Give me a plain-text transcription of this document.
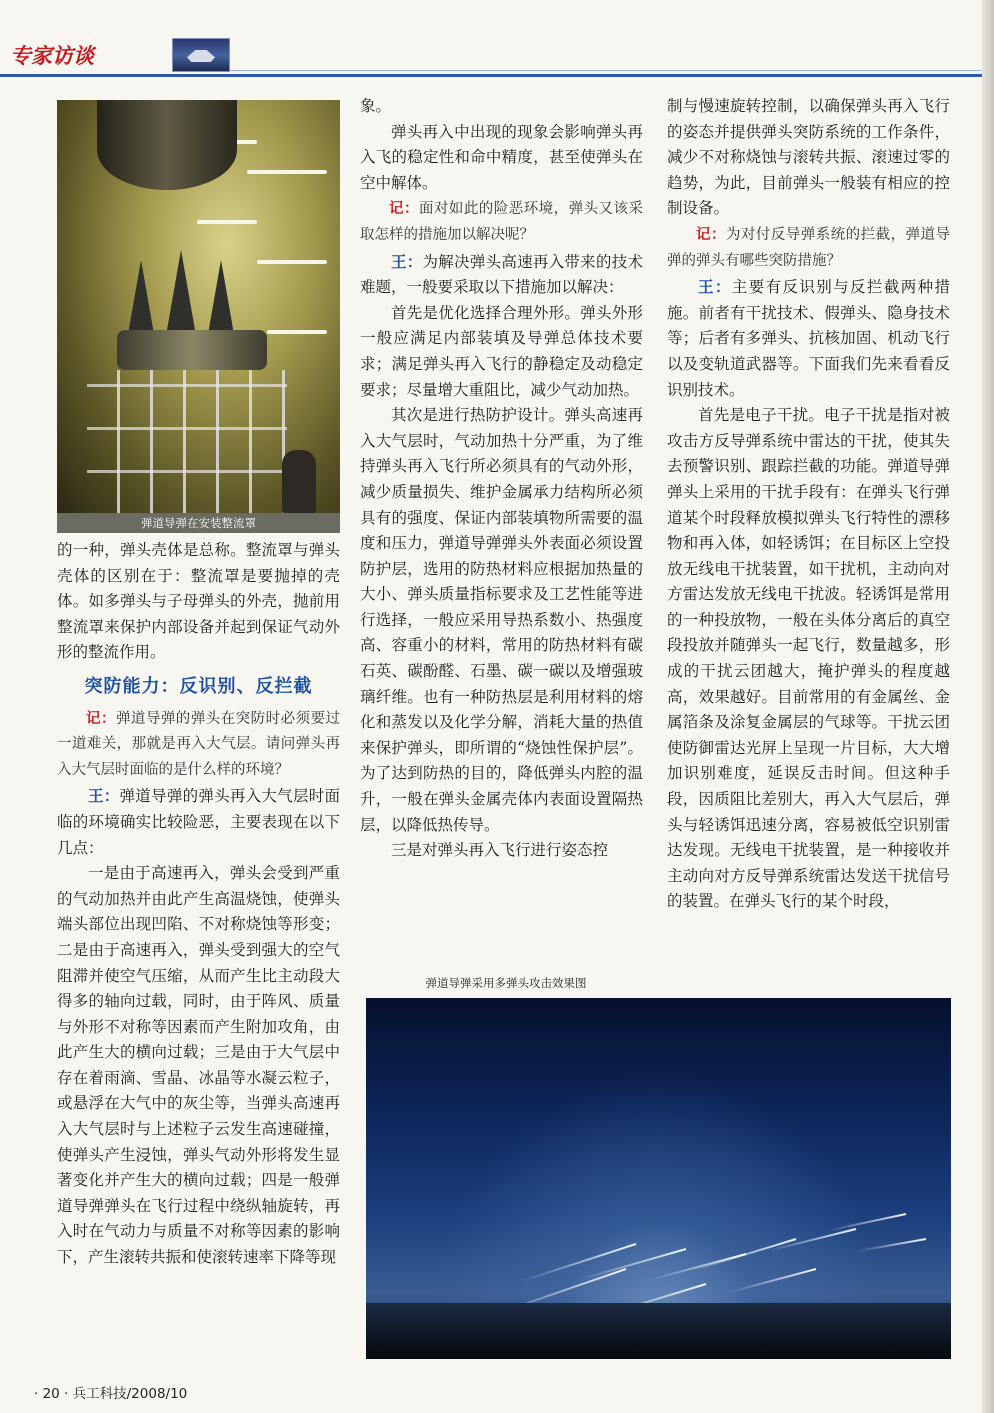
专家访谈
弹道导弹在安装整流罩

的一种，弹头壳体是总称。整流罩与弹头壳体的区别在于：整流罩是要抛掉的壳体。如多弹头与子母弹头的外壳，抛前用整流罩来保护内部设备并起到保证气动外形的整流作用。

突防能力：反识别、反拦截

记：弹道导弹的弹头在突防时必须要过一道难关，那就是再入大气层。请问弹头再入大气层时面临的是什么样的环境？

王：弹道导弹的弹头再入大气层时面临的环境确实比较险恶，主要表现在以下几点：

一是由于高速再入，弹头会受到严重的气动加热并由此产生高温烧蚀，使弹头端头部位出现凹陷、不对称烧蚀等形变；二是由于高速再入，弹头受到强大的空气阻滞并使空气压缩，从而产生比主动段大得多的轴向过载，同时，由于阵风、质量与外形不对称等因素而产生附加攻角，由此产生大的横向过载；三是由于大气层中存在着雨滴、雪晶、冰晶等水凝云粒子，或悬浮在大气中的灰尘等，当弹头高速再入大气层时与上述粒子云发生高速碰撞，使弹头产生浸蚀，弹头气动外形将发生显著变化并产生大的横向过载；四是一般弹道导弹弹头在飞行过程中绕纵轴旋转，再入时在气动力与质量不对称等因素的影响下，产生滚转共振和使滚转速率下降等现

象。

弹头再入中出现的现象会影响弹头再入飞的稳定性和命中精度，甚至使弹头在空中解体。

记：面对如此的险恶环境，弹头又该采取怎样的措施加以解决呢？

王：为解决弹头高速再入带来的技术难题，一般要采取以下措施加以解决：

首先是优化选择合理外形。弹头外形一般应满足内部装填及导弹总体技术要求；满足弹头再入飞行的静稳定及动稳定要求；尽量增大重阻比，减少气动加热。

其次是进行热防护设计。弹头高速再入大气层时，气动加热十分严重，为了维持弹头再入飞行所必须具有的气动外形，减少质量损失、维护金属承力结构所必须具有的强度、保证内部装填物所需要的温度和压力，弹道导弹弹头外表面必须设置防护层，选用的防热材料应根据加热量的大小、弹头质量指标要求及工艺性能等进行选择，一般应采用导热系数小、热强度高、容重小的材料，常用的防热材料有碳石英、碳酚醛、石墨、碳一碳以及增强玻璃纤维。也有一种防热层是利用材料的熔化和蒸发以及化学分解，消耗大量的热值来保护弹头，即所谓的“烧蚀性保护层”。为了达到防热的目的，降低弹头内腔的温升，一般在弹头金属壳体内表面设置隔热层，以降低热传导。

三是对弹头再入飞行进行姿态控

制与慢速旋转控制，以确保弹头再入飞行的姿态并提供弹头突防系统的工作条件，减少不对称烧蚀与滚转共振、滚速过零的趋势，为此，目前弹头一般装有相应的控制设备。

记：为对付反导弹系统的拦截，弹道导弹的弹头有哪些突防措施？

王：主要有反识别与反拦截两种措施。前者有干扰技术、假弹头、隐身技术等；后者有多弹头、抗核加固、机动飞行以及变轨道武器等。下面我们先来看看反识别技术。

首先是电子干扰。电子干扰是指对被攻击方反导弹系统中雷达的干扰，使其失去预警识别、跟踪拦截的功能。弹道导弹弹头上采用的干扰手段有：在弹头飞行弹道某个时段释放模拟弹头飞行特性的漂移物和再入体，如轻诱饵；在目标区上空投放无线电干扰装置，如干扰机，主动向对方雷达发放无线电干扰波。轻诱饵是常用的一种投放物，一般在头体分离后的真空段投放并随弹头一起飞行，数量越多，形成的干扰云团越大，掩护弹头的程度越高，效果越好。目前常用的有金属丝、金属箔条及涂复金属层的气球等。干扰云团使防御雷达光屏上呈现一片目标，大大增加识别难度，延误反击时间。但这种手段，因质阻比差别大，再入大气层后，弹头与轻诱饵迅速分离，容易被低空识别雷达发现。无线电干扰装置，是一种接收并主动向对方反导弹系统雷达发送干扰信号的装置。在弹头飞行的某个时段，

弹道导弹采用多弹头攻击效果图
· 20 · 兵工科技/2008/10
